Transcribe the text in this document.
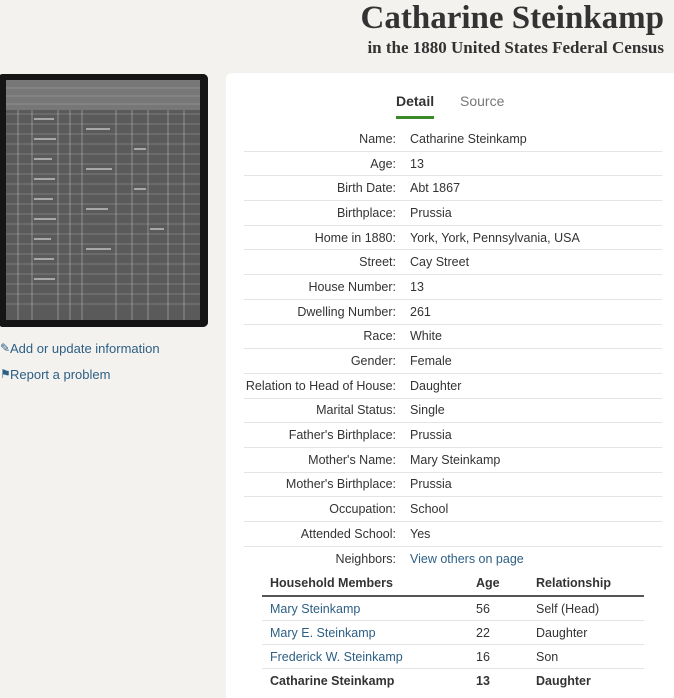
Catharine Steinkamp
in the 1880 United States Federal Census
✎ Add or update information
⚑ Report a problem
Detail Source
Name: Catharine Steinkamp
Age: 13
Birth Date: Abt 1867
Birthplace: Prussia
Home in 1880: York, York, Pennsylvania, USA
Street: Cay Street
House Number: 13
Dwelling Number: 261
Race: White
Gender: Female
Relation to Head of House: Daughter
Marital Status: Single
Father's Birthplace: Prussia
Mother's Name: Mary Steinkamp
Mother's Birthplace: Prussia
Occupation: School
Attended School: Yes
Neighbors: View others on page
Household Members	Age	Relationship
Mary Steinkamp	56	Self (Head)
Mary E. Steinkamp	22	Daughter
Frederick W. Steinkamp	16	Son
Catharine Steinkamp	13	Daughter
